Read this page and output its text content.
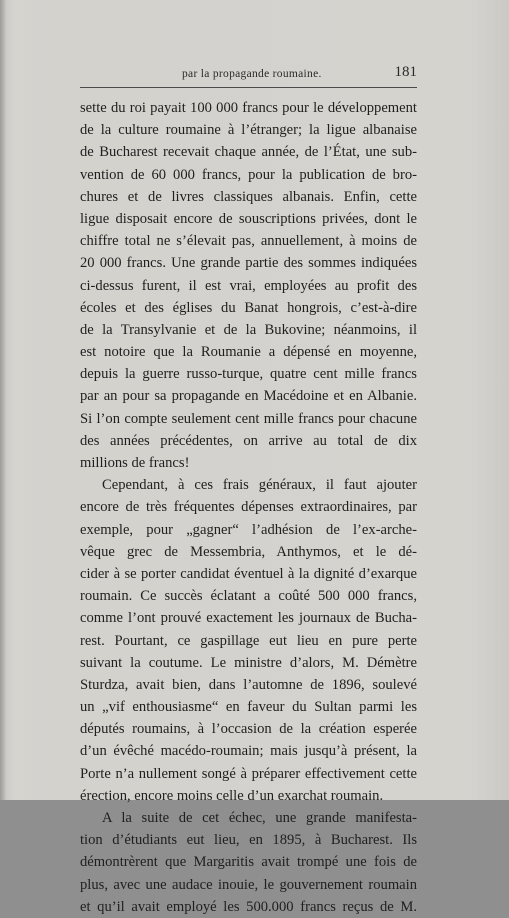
par la propagande roumaine.	181
sette du roi payait 100 000 francs pour le développement
de la culture roumaine à l’étranger; la ligue albanaise
de Bucharest recevait chaque année, de l’État, une sub-
vention de 60 000 francs, pour la publication de bro-
chures et de livres classiques albanais. Enfin, cette
ligue disposait encore de souscriptions privées, dont le
chiffre total ne s’élevait pas, annuellement, à moins de
20 000 francs. Une grande partie des sommes indiquées
ci-dessus furent, il est vrai, employées au profit des
écoles et des églises du Banat hongrois, c’est-à-dire
de la Transylvanie et de la Bukovine; néanmoins, il
est notoire que la Roumanie a dépensé en moyenne,
depuis la guerre russo-turque, quatre cent mille francs
par an pour sa propagande en Macédoine et en Albanie.
Si l’on compte seulement cent mille francs pour chacune
des années précédentes, on arrive au total de dix
millions de francs!
Cependant, à ces frais généraux, il faut ajouter
encore de très fréquentes dépenses extraordinaires, par
exemple, pour „gagner“ l’adhésion de l’ex-arche-
vêque grec de Messembria, Anthymos, et le dé-
cider à se porter candidat éventuel à la dignité d’exarque
roumain. Ce succès éclatant a coûté 500 000 francs,
comme l’ont prouvé exactement les journaux de Bucha-
rest. Pourtant, ce gaspillage eut lieu en pure perte
suivant la coutume. Le ministre d’alors, M. Démètre
Sturdza, avait bien, dans l’automne de 1896, soulevé
un „vif enthousiasme“ en faveur du Sultan parmi les
députés roumains, à l’occasion de la création esperée
d’un évêché macédo-roumain; mais jusqu’à présent, la
Porte n’a nullement songé à préparer effectivement cette
érection, encore moins celle d’un exarchat roumain.
A la suite de cet échec, une grande manifesta-
tion d’étudiants eut lieu, en 1895, à Bucharest. Ils
démontrèrent que Margaritis avait trompé une fois de
plus, avec une audace inouie, le gouvernement roumain
et qu’il avait employé les 500.000 francs reçus de M.
